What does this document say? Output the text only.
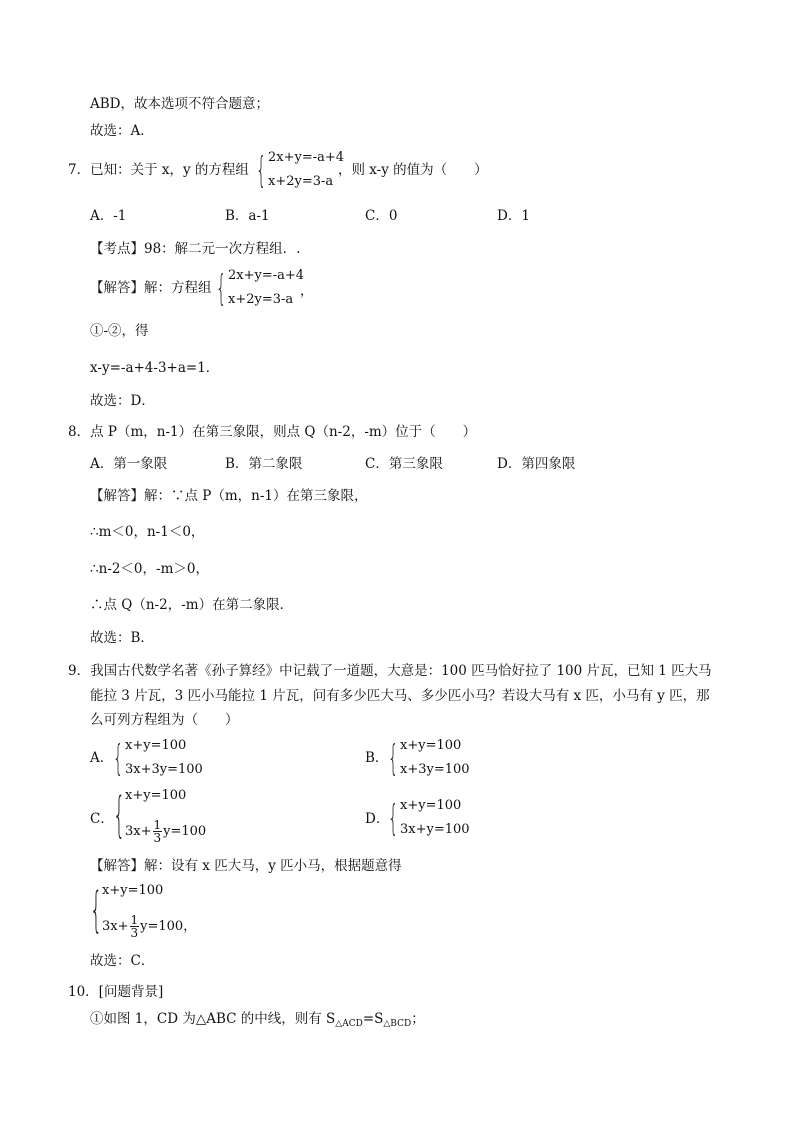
ABD，故本选项不符合题意；
故选：A．
7．已知：关于 x，y 的方程组 { 2x+y=-a+4
x+2y=3-a
，则 x-y 的值为（　　）
A．-1	B．a-1	C．0	D．1
【考点】98：解二元一次方程组．.
【解答】解：方程组 { 2x+y=-a+4
x+2y=3-a
，
①-②，得
x-y=-a+4-3+a=1．
故选：D．
8．点 P（m，n-1）在第三象限，则点 Q（n-2，-m）位于（　　）
A．第一象限	B．第二象限	C．第三象限	D．第四象限
【解答】解：∵点 P（m，n-1）在第三象限，
∴m＜0，n-1＜0，
∴n-2＜0，-m＞0，
∴点 Q（n-2，-m）在第二象限．
故选：B．
9．我国古代数学名著《孙子算经》中记载了一道题，大意是：100 匹马恰好拉了 100 片瓦，已知 1 匹大马
能拉 3 片瓦，3 匹小马能拉 1 片瓦，问有多少匹大马、多少匹小马？若设大马有 x 匹，小马有 y 匹，那
么可列方程组为（　　）
A． { x+y=100
3x+3y=100
B． { x+y=100
x+3y=100
C． { x+y=100
$3x+ \frac{1}{3} y=100$
D．
{ x+y=100
3x+y=100
【解答】解：设有 x 匹大马，y 匹小马，根据题意得
{ x+y=100
$3x+ \frac{1}{3} y=100$ ，
故选：C．
10．[问题背景]
①如图 1，CD 为△ABC 的中线，则有 $S_{\triangle ACD}=S_{\triangle BCD}$；
